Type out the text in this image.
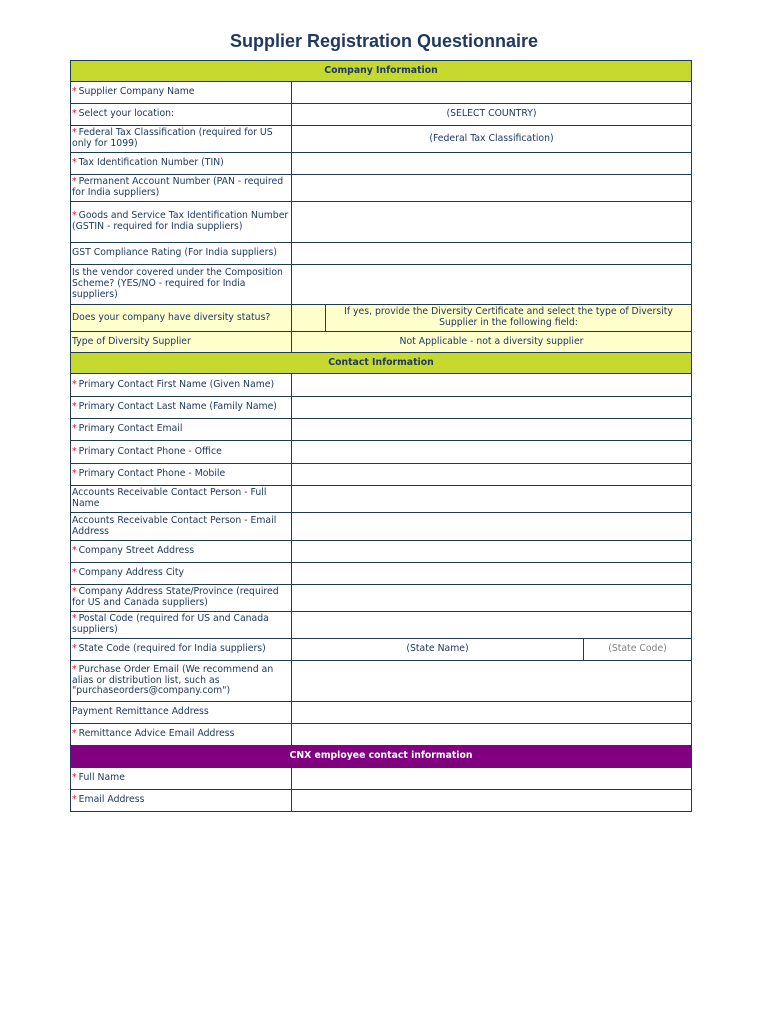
Supplier Registration Questionnaire
Company Information			
* Supplier Company Name			
* Select your location:	(SELECT COUNTRY)		
* Federal Tax Classification (required for US only for 1099)	(Federal Tax Classification)		
* Tax Identification Number (TIN)			
* Permanent Account Number (PAN - required for India suppliers)			
* Goods and Service Tax Identification Number (GSTIN - required for India suppliers)			
GST Compliance Rating (For India suppliers)			
Is the vendor covered under the Composition Scheme? (YES/NO - required for India suppliers)			
Does your company have diversity status?		If yes, provide the Diversity Certificate and select the type of Diversity Supplier in the following field:	
Type of Diversity Supplier	Not Applicable - not a diversity supplier		
Contact Information			
* Primary Contact First Name (Given Name)			
* Primary Contact Last Name (Family Name)			
* Primary Contact Email			
* Primary Contact Phone - Office			
* Primary Contact Phone - Mobile			
Accounts Receivable Contact Person - Full Name			
Accounts Receivable Contact Person - Email Address			
* Company Street Address			
* Company Address City			
* Company Address State/Province (required for US and Canada suppliers)			
* Postal Code (required for US and Canada suppliers)			
* State Code (required for India suppliers)	(State Name)		(State Code)
* Purchase Order Email (We recommend an alias or distribution list, such as "purchaseorders@company.com")			
Payment Remittance Address			
* Remittance Advice Email Address			
CNX employee contact information			
* Full Name			
* Email Address			
